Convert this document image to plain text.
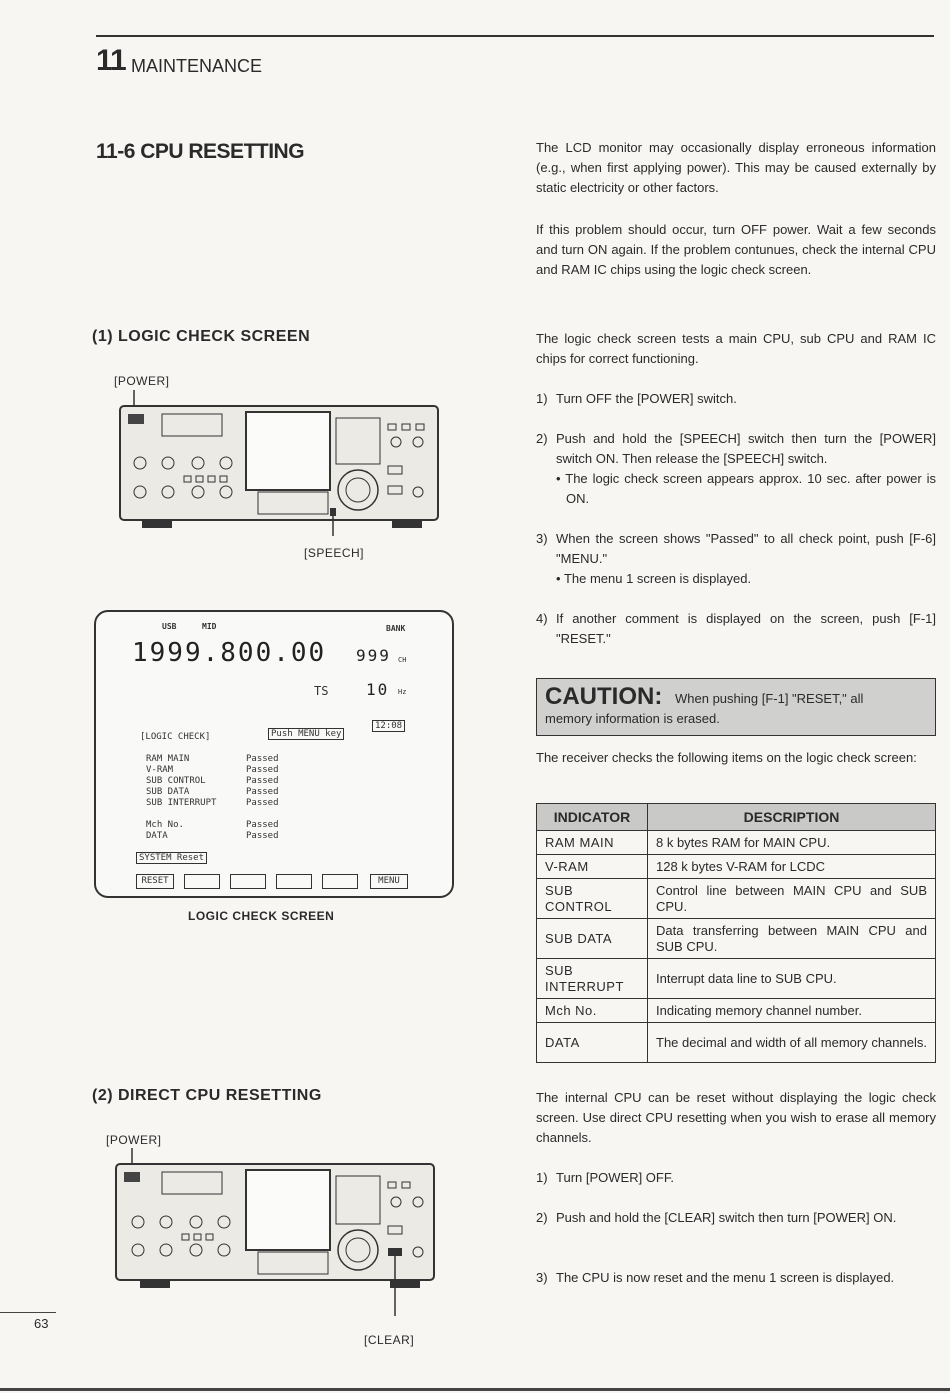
11 MAINTENANCE
11-6 CPU RESETTING	The LCD monitor may occasionally display erroneous information (e.g., when first applying power). This may be caused externally by static electricity or other factors.

If this problem should occur, turn OFF power. Wait a few seconds and turn ON again. If the problem contunues, check the internal CPU and RAM IC chips using the logic check screen.

(1) LOGIC CHECK SCREEN
[POWER]
[SPEECH]
USB	MID	BANK
1999.800.00 999 CH
TS 10 Hz
12:08
[LOGIC CHECK]	Push MENU key
RAM MAIN	Passed
V-RAM	Passed
SUB CONTROL	Passed
SUB DATA	Passed
SUB INTERRUPT	Passed
Mch No.	Passed
DATA	Passed
SYSTEM Reset
RESET	MENU
LOGIC CHECK SCREEN

The logic check screen tests a main CPU, sub CPU and RAM IC chips for correct functioning.

1) Turn OFF the [POWER] switch.
2) Push and hold the [SPEECH] switch then turn the [POWER] switch ON. Then release the [SPEECH] switch.
• The logic check screen appears approx. 10 sec. after power is ON.
3) When the screen shows "Passed" to all check point, push [F-6] "MENU."
• The menu 1 screen is displayed.
4) If another comment is displayed on the screen, push [F-1] "RESET."
CAUTION: When pushing [F-1] "RESET," all
memory information is erased.

The receiver checks the following items on the logic check screen:

INDICATOR	DESCRIPTION
RAM MAIN	8 k bytes RAM for MAIN CPU.
V-RAM	128 k bytes V-RAM for LCDC
SUB CONTROL	Control line between MAIN CPU and SUB CPU.
SUB DATA	Data transferring between MAIN CPU and SUB CPU.
SUB INTERRUPT	Interrupt data line to SUB CPU.
Mch No.	Indicating memory channel number.
DATA	The decimal and width of all memory channels.
(2) DIRECT CPU RESETTING
[POWER]
[CLEAR]

The internal CPU can be reset without displaying the logic check screen. Use direct CPU resetting when you wish to erase all memory channels.

1) Turn [POWER] OFF.
2) Push and hold the [CLEAR] switch then turn [POWER] ON.
3) The CPU is now reset and the menu 1 screen is displayed.
63
